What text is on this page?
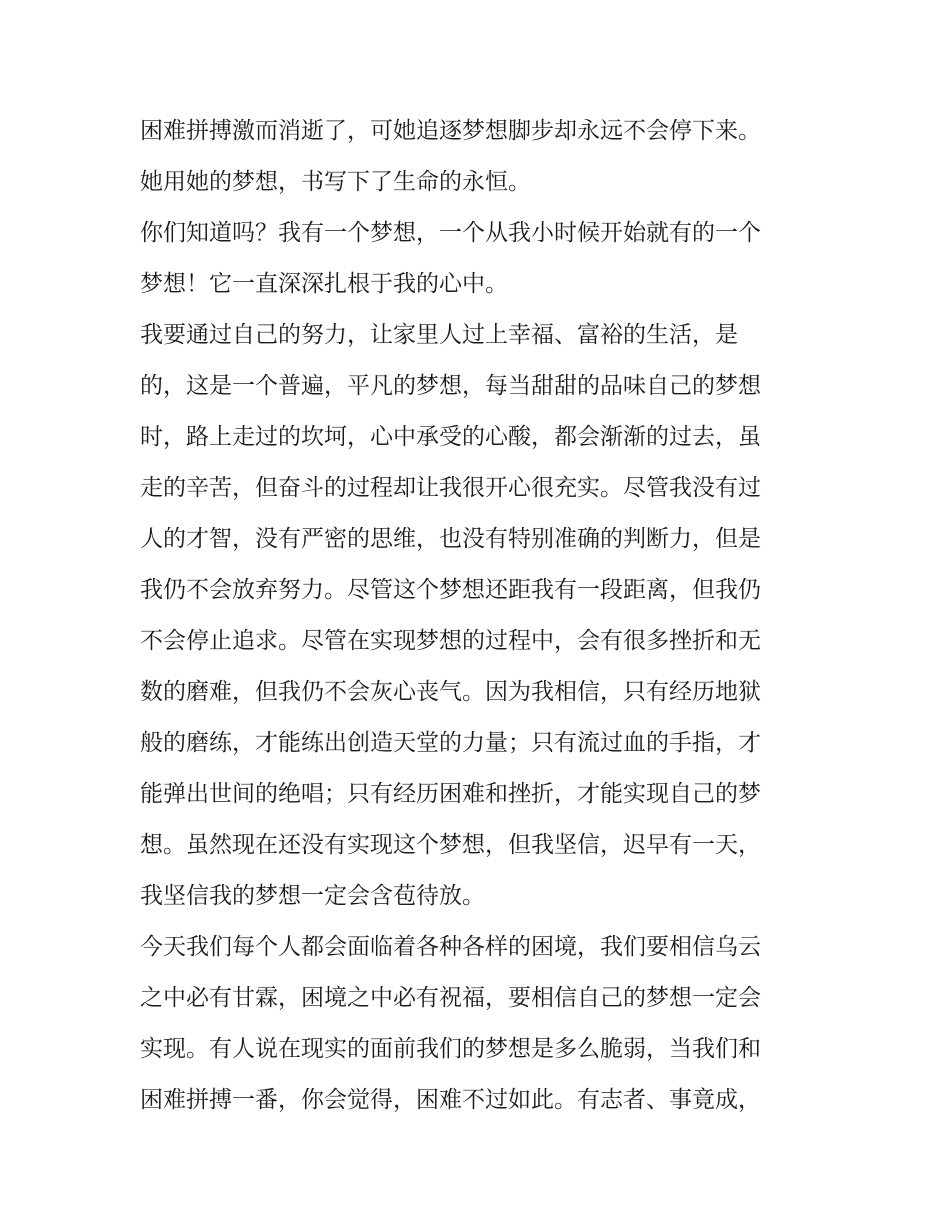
困难拼搏激而消逝了，可她追逐梦想脚步却永远不会停下来。
她用她的梦想，书写下了生命的永恒。
你们知道吗？我有一个梦想，一个从我小时候开始就有的一个
梦想！它一直深深扎根于我的心中。
我要通过自己的努力，让家里人过上幸福、富裕的生活，是
的，这是一个普遍，平凡的梦想，每当甜甜的品味自己的梦想
时，路上走过的坎坷，心中承受的心酸，都会渐渐的过去，虽
走的辛苦，但奋斗的过程却让我很开心很充实。尽管我没有过
人的才智，没有严密的思维，也没有特别准确的判断力，但是
我仍不会放弃努力。尽管这个梦想还距我有一段距离，但我仍
不会停止追求。尽管在实现梦想的过程中，会有很多挫折和无
数的磨难，但我仍不会灰心丧气。因为我相信，只有经历地狱
般的磨练，才能练出创造天堂的力量；只有流过血的手指，才
能弹出世间的绝唱；只有经历困难和挫折，才能实现自己的梦
想。虽然现在还没有实现这个梦想，但我坚信，迟早有一天，
我坚信我的梦想一定会含苞待放。
今天我们每个人都会面临着各种各样的困境，我们要相信乌云
之中必有甘霖，困境之中必有祝福，要相信自己的梦想一定会
实现。有人说在现实的面前我们的梦想是多么脆弱，当我们和
困难拼搏一番，你会觉得，困难不过如此。有志者、事竟成，
